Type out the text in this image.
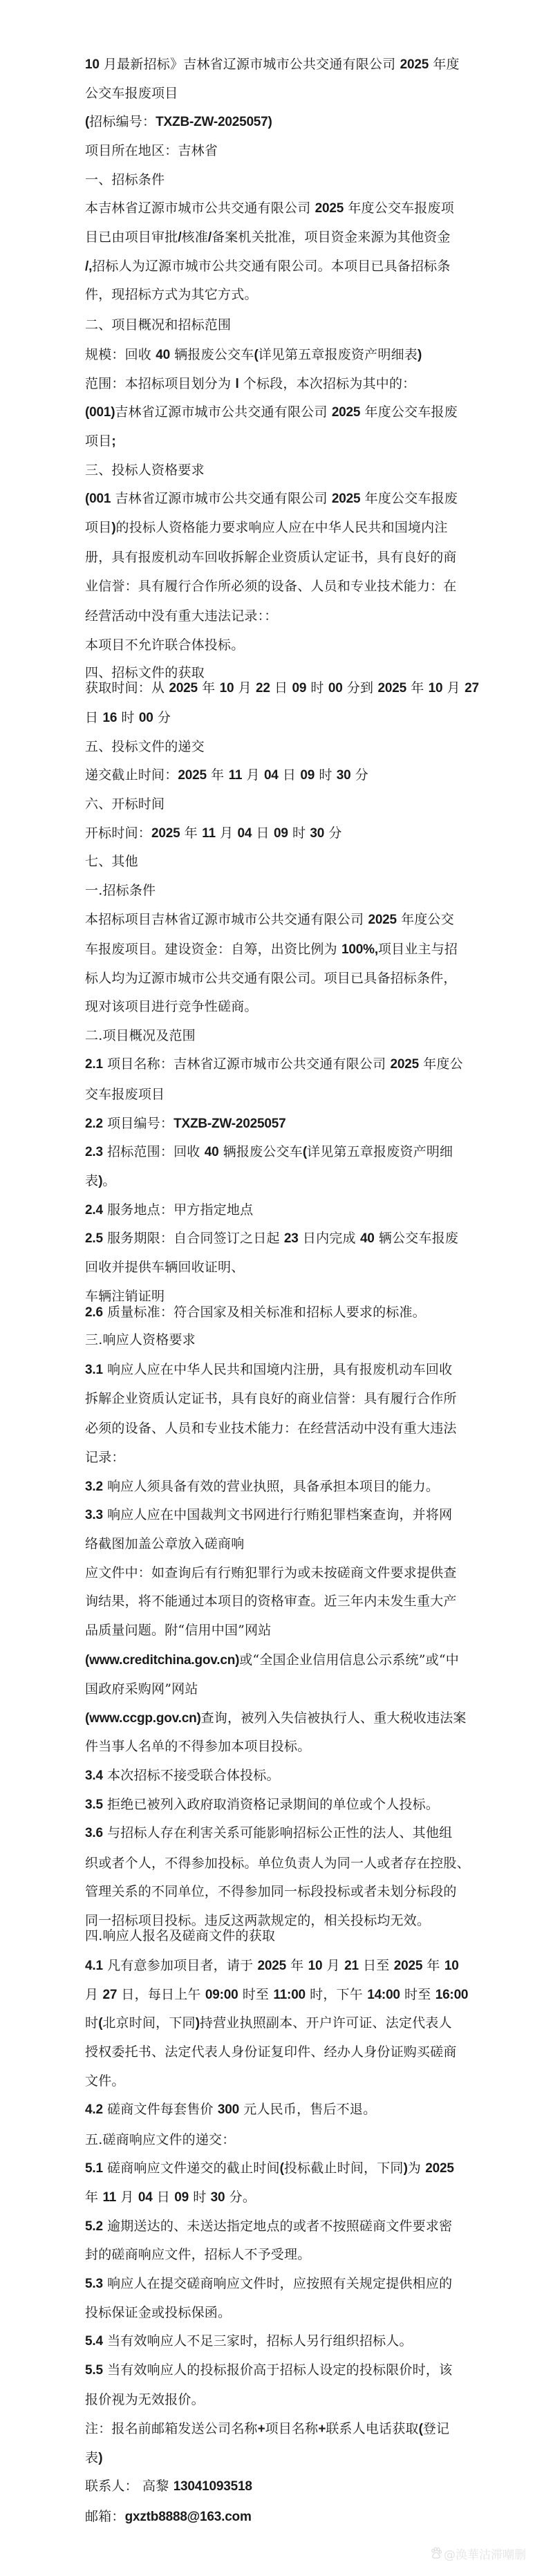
10 月最新招标》吉林省辽源市城市公共交通有限公司 2025 年度
公交车报废项目
(招标编号：TXZB-ZW-2025057)
项目所在地区：吉林省
一、招标条件
本吉林省辽源市城市公共交通有限公司 2025 年度公交车报废项
目已由项目审批/核准/备案机关批准，项目资金来源为其他资金
/,招标人为辽源市城市公共交通有限公司。本项目已具备招标条
件，现招标方式为其它方式。
二、项目概况和招标范围
规模：回收 40 辆报废公交车(详见第五章报废资产明细表)
范围：本招标项目划分为 l 个标段，本次招标为其中的：
(001)吉林省辽源市城市公共交通有限公司 2025 年度公交车报废
项目;
三、投标人资格要求
(001 吉林省辽源市城市公共交通有限公司 2025 年度公交车报废
项目)的投标人资格能力要求响应人应在中华人民共和国境内注
册，具有报废机动车回收拆解企业资质认定证书，具有良好的商
业信誉：具有履行合作所必须的设备、人员和专业技术能力：在
经营活动中没有重大违法记录：：
本项目不允许联合体投标。
四、招标文件的获取
获取时间：从 2025 年 10 月 22 日 09 时 00 分到 2025 年 10 月 27
日 16 时 00 分
五、投标文件的递交
递交截止时间：2025 年 11 月 04 日 09 时 30 分
六、开标时间
开标时间：2025 年 11 月 04 日 09 时 30 分
七、其他
一.招标条件
本招标项目吉林省辽源市城市公共交通有限公司 2025 年度公交
车报废项目。建设资金：自筹，出资比例为 100%,项目业主与招
标人均为辽源市城市公共交通有限公司。项目已具备招标条件，
现对该项目进行竞争性磋商。
二.项目概况及范围
2.1 项目名称：吉林省辽源市城市公共交通有限公司 2025 年度公
交车报废项目
2.2 项目编号：TXZB-ZW-2025057
2.3 招标范围：回收 40 辆报废公交车(详见第五章报废资产明细
表)。
2.4 服务地点：甲方指定地点
2.5 服务期限：自合同签订之日起 23 日内完成 40 辆公交车报废
回收并提供车辆回收证明、
车辆注销证明
2.6 质量标准：符合国家及相关标准和招标人要求的标准。
三.响应人资格要求
3.1 响应人应在中华人民共和国境内注册，具有报废机动车回收
拆解企业资质认定证书，具有良好的商业信誉：具有履行合作所
必须的设备、人员和专业技术能力：在经营活动中没有重大违法
记录：
3.2 响应人须具备有效的营业执照，具备承担本项目的能力。
3.3 响应人应在中国裁判文书网进行行贿犯罪档案查询，并将网
络截图加盖公章放入磋商响
应文件中：如查询后有行贿犯罪行为或未按磋商文件要求提供查
询结果，将不能通过本项目的资格审查。近三年内未发生重大产
品质量问题。附“信用中国”网站
(www.creditchina.gov.cn)或“全国企业信用信息公示系统”或“中
国政府采购网”网站
(www.ccgp.gov.cn)查询，被列入失信被执行人、重大税收违法案
件当事人名单的不得参加本项目投标。
3.4 本次招标不接受联合体投标。
3.5 拒绝已被列入政府取消资格记录期间的单位或个人投标。
3.6 与招标人存在利害关系可能影响招标公正性的法人、其他组
织或者个人，不得参加投标。单位负责人为同一人或者存在控股、
管理关系的不同单位，不得参加同一标段投标或者未划分标段的
同一招标项目投标。违反这两款规定的，相关投标均无效。
四.响应人报名及磋商文件的获取
4.1 凡有意参加项目者，请于 2025 年 10 月 21 日至 2025 年 10
月 27 日，每日上午 09:00 时至 11:00 时，下午 14:00 时至 16:00
时(北京时间，下同)持营业执照副本、开户许可证、法定代表人
授权委托书、法定代表人身份证复印件、经办人身份证购买磋商
文件。
4.2 磋商文件每套售价 300 元人民币，售后不退。
五.磋商响应文件的递交：
5.1 磋商响应文件递交的截止时间(投标截止时间，下同)为 2025
年 11 月 04 日 09 时 30 分。
5.2 逾期送达的、未送达指定地点的或者不按照磋商文件要求密
封的磋商响应文件，招标人不予受理。
5.3 响应人在提交磋商响应文件时，应按照有关规定提供相应的
投标保证金或投标保函。
5.4 当有效响应人不足三家时，招标人另行组织招标人。
5.5 当有效响应人的投标报价高于招标人设定的投标限价时，该
报价视为无效报价。
注：报名前邮箱发送公司名称+项目名称+联系人电话获取(登记
表)
联系人： 高黎 13041093518
邮箱：gxztb8888@163.com
@涣華沽滞嘲删
